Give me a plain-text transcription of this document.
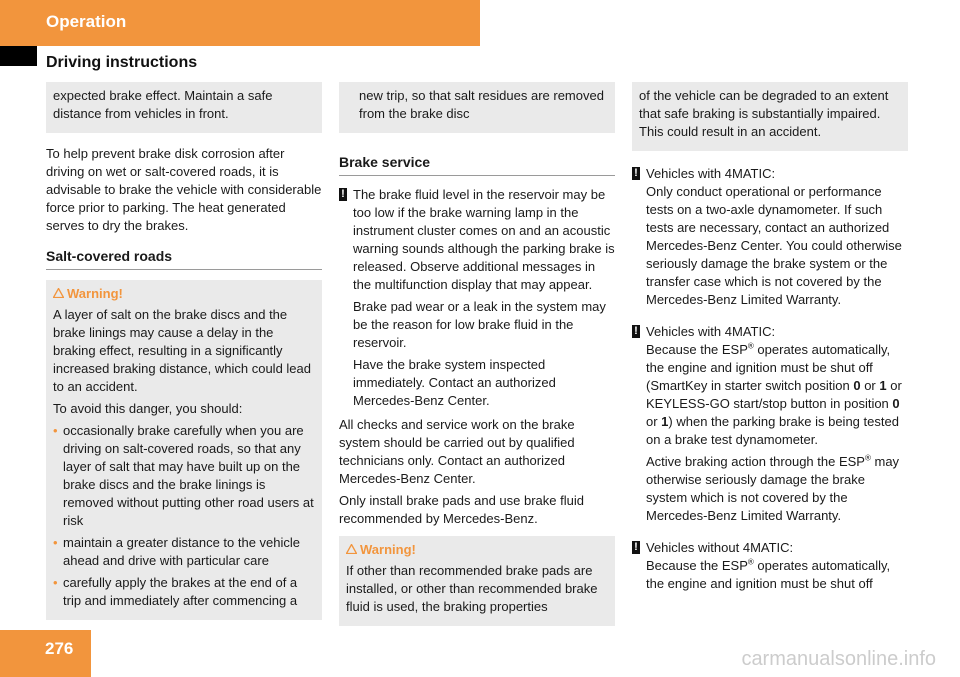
Operation
Driving instructions

expected brake effect. Maintain a safe distance from vehicles in front.

To help prevent brake disk corrosion after driving on wet or salt-covered roads, it is advisable to brake the vehicle with considerable force prior to parking. The heat generated serves to dry the brakes.

Salt-covered roads
Warning!

A layer of salt on the brake discs and the brake linings may cause a delay in the braking effect, resulting in a significantly increased braking distance, which could lead to an accident.

To avoid this danger, you should:

• occasionally brake carefully when you are driving on salt-covered roads, so that any layer of salt that may have built up on the brake discs and the brake linings is removed without putting other road users at risk

• maintain a greater distance to the vehicle ahead and drive with particular care

• carefully apply the brakes at the end of a trip and immediately after commencing a

new trip, so that salt residues are removed from the brake disc

Brake service

! The brake fluid level in the reservoir may be too low if the brake warning lamp in the instrument cluster comes on and an acoustic warning sounds although the parking brake is released. Observe additional messages in the multifunction display that may appear.

Brake pad wear or a leak in the system may be the reason for low brake fluid in the reservoir.

Have the brake system inspected immediately. Contact an authorized Mercedes-Benz Center.

All checks and service work on the brake system should be carried out by qualified technicians only. Contact an authorized Mercedes-Benz Center.

Only install brake pads and use brake fluid recommended by Mercedes-Benz.

Warning!

If other than recommended brake pads are installed, or other than recommended brake fluid is used, the braking properties

of the vehicle can be degraded to an extent that safe braking is substantially impaired. This could result in an accident.

! Vehicles with 4MATIC:

Only conduct operational or performance tests on a two-axle dynamometer. If such tests are necessary, contact an authorized Mercedes-Benz Center. You could otherwise seriously damage the brake system or the transfer case which is not covered by the Mercedes-Benz Limited Warranty.

! Vehicles with 4MATIC:

Because the ESP® operates automatically, the engine and ignition must be shut off (SmartKey in starter switch position 0 or 1 or KEYLESS-GO start/stop button in position 0 or 1) when the parking brake is being tested on a brake test dynamometer.

Active braking action through the ESP® may otherwise seriously damage the brake system which is not covered by the Mercedes-Benz Limited Warranty.

! Vehicles without 4MATIC:

Because the ESP® operates automatically, the engine and ignition must be shut off

276	carmanualsonline.info
